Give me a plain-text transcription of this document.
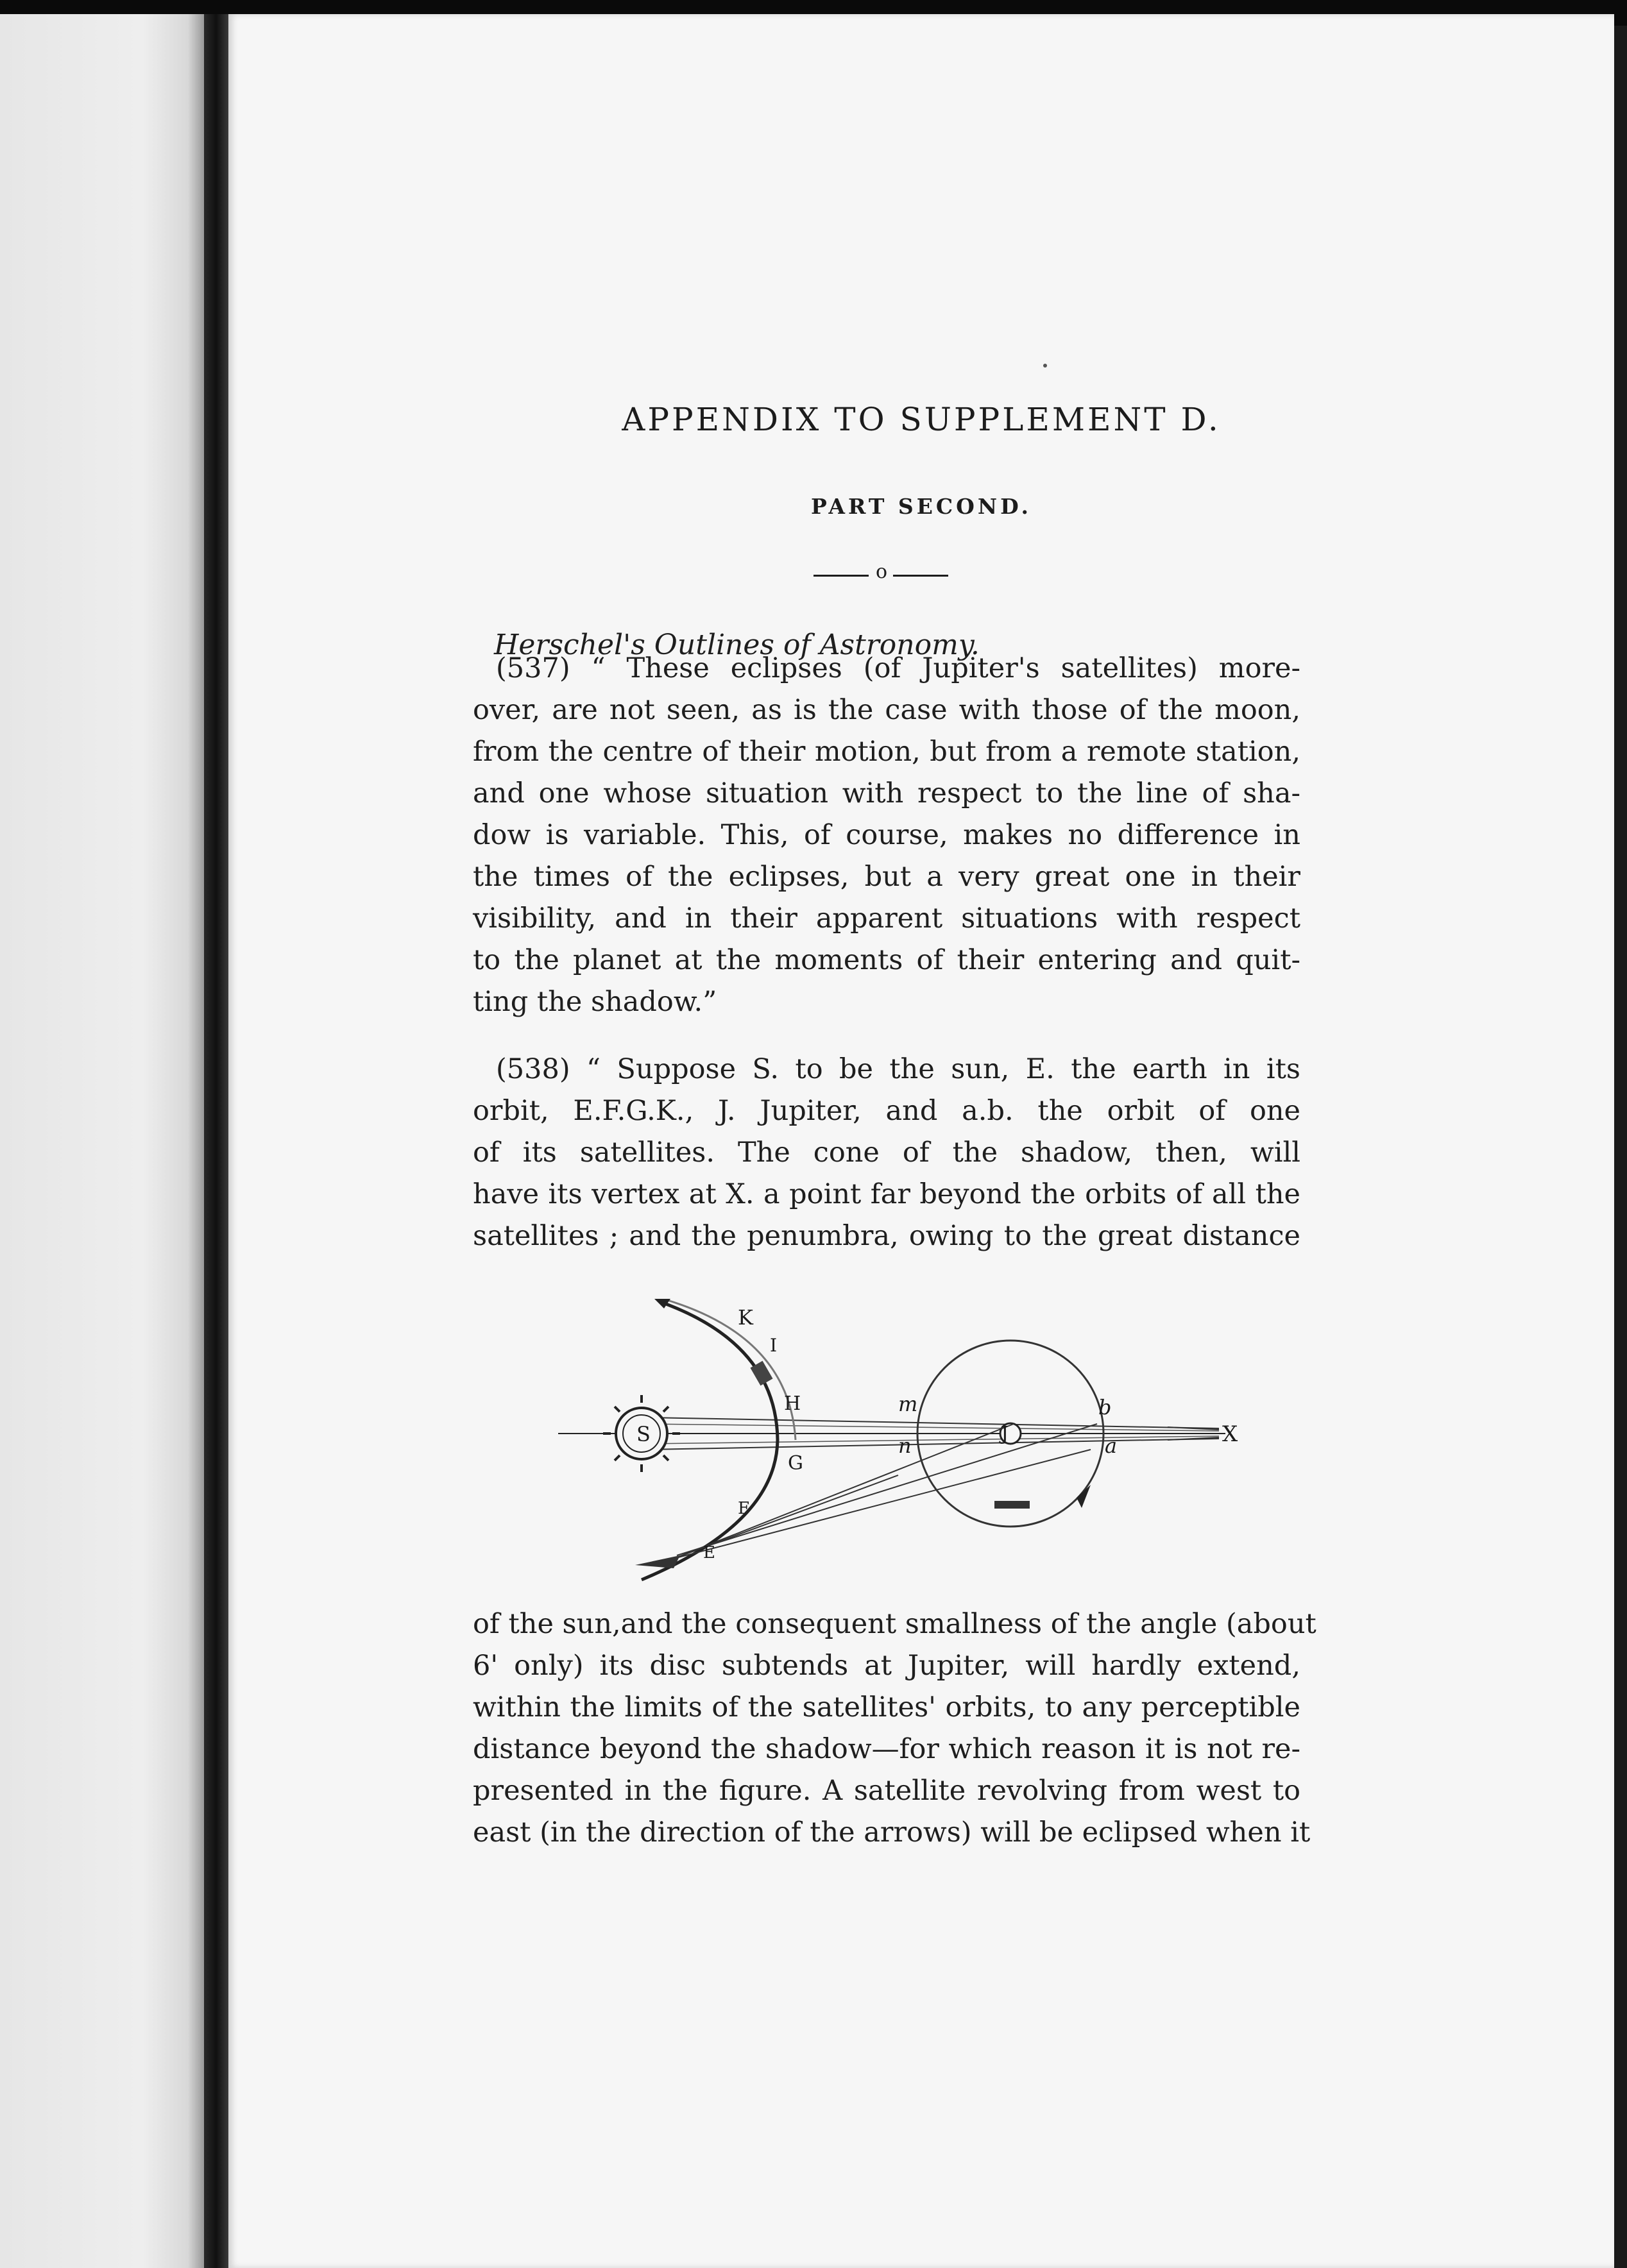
APPENDIX TO SUPPLEMENT D.
PART SECOND.
o
Herschel's Outlines of Astronomy.
(537) “ These eclipses (of Jupiter's satellites) more-
over, are not seen, as is the case with those of the moon,
from the centre of their motion, but from a remote station,
and one whose situation with respect to the line of sha-
dow is variable. This, of course, makes no difference in
the times of the eclipses, but a very great one in their
visibility, and in their apparent situations with respect
to the planet at the moments of their entering and quit-
ting the shadow.”
(538) “ Suppose S. to be the sun, E. the earth in its
orbit, E.F.G.K., J. Jupiter, and a.b. the orbit of one
of its satellites. The cone of the shadow, then, will
have its vertex at X. a point far beyond the orbits of all the
satellites ; and the penumbra, owing to the great distance
S
K
I
H
G
F
E
m
n	J
b
a	X
of the sun,and the consequent smallness of the angle (about
6' only) its disc subtends at Jupiter, will hardly extend,
within the limits of the satellites' orbits, to any perceptible
distance beyond the shadow—for which reason it is not re-
presented in the figure. A satellite revolving from west to
east (in the direction of the arrows) will be eclipsed when it
